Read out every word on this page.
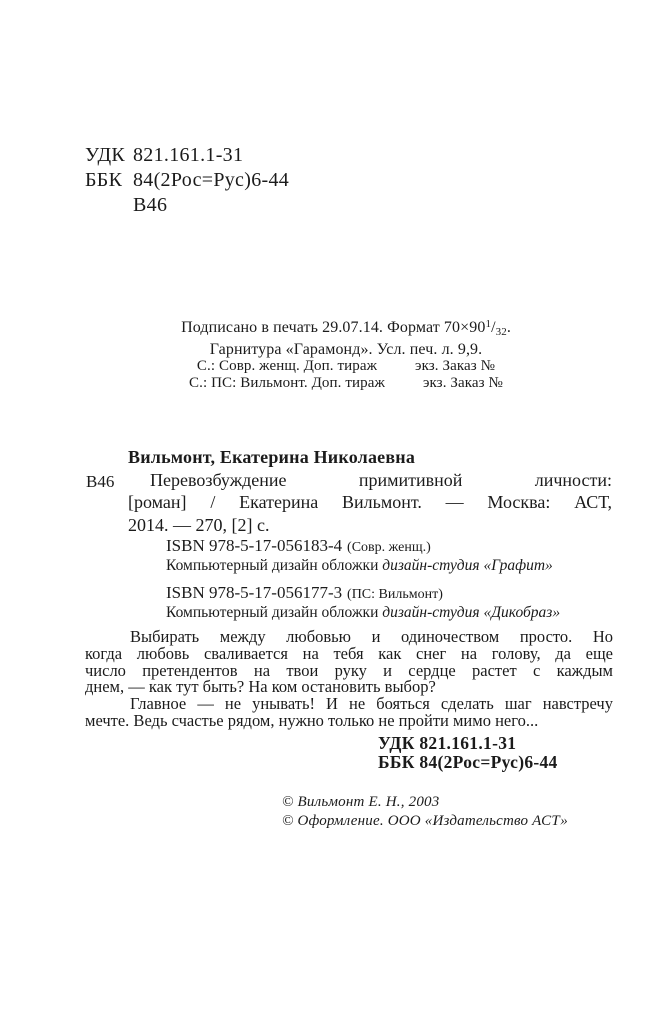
УДК 821.161.1-31
ББК 84(2Рос=Рус)6-44
В46
Подписано в печать 29.07.14. Формат $70\times 90^1/32$.
Гарнитура «Гарамонд». Усл. печ. л. 9,9.
С.: Совр. женщ. Доп. тираж	экз. Заказ №
С.: ПС: Вильмонт. Доп. тираж	экз. Заказ №
В46
Вильмонт, Екатерина Николаевна
Перевозбуждение примитивной личности:
[роман] / Екатерина Вильмонт. — Москва: АСТ,
2014. — 270, [2] с.
ISBN 978-5-17-056183-4 (Совр. женщ.)
Компьютерный дизайн обложки дизайн-студия «Графит»
ISBN 978-5-17-056177-3 (ПС: Вильмонт)
Компьютерный дизайн обложки дизайн-студия «Дикобраз»
Выбирать между любовью и одиночеством просто. Но
когда любовь сваливается на тебя как снег на голову, да еще
число претендентов на твои руку и сердце растет с каждым
днем, — как тут быть? На ком остановить выбор?
Главное — не унывать! И не бояться сделать шаг навстречу
мечте. Ведь счастье рядом, нужно только не пройти мимо него...
УДК 821.161.1-31
ББК 84(2Рос=Рус)6-44
© Вильмонт Е. Н., 2003
© Оформление. ООО «Издательство АСТ»
